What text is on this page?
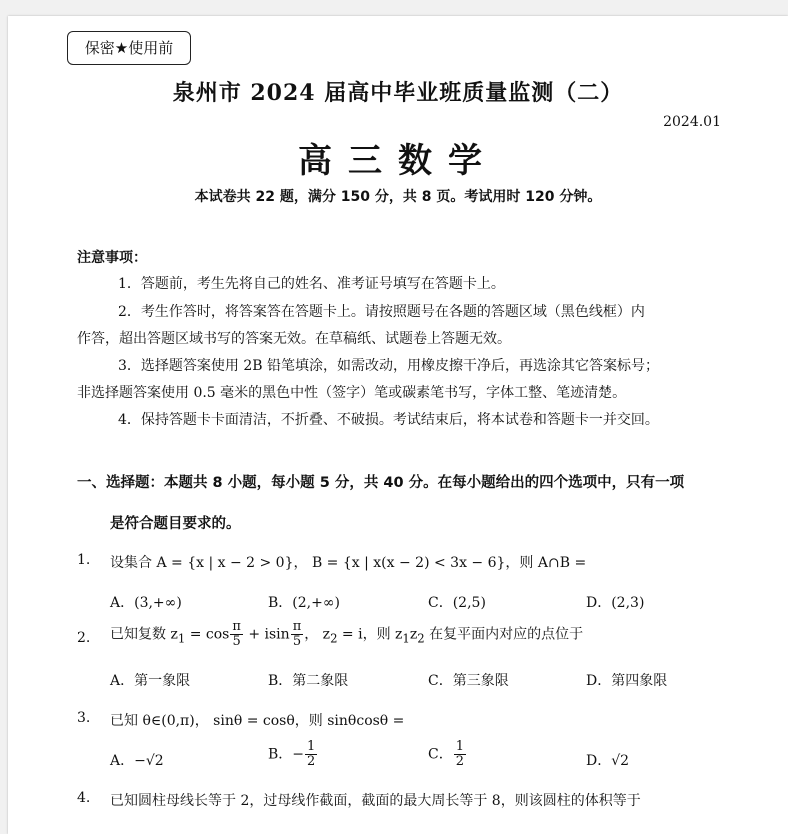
保密★使用前
泉州市 2024 届高中毕业班质量监测（二）
2024.01
高三数学
本试卷共 22 题，满分 150 分，共 8 页。考试用时 120 分钟。
注意事项：
1．答题前，考生先将自己的姓名、准考证号填写在答题卡上。
2．考生作答时，将答案答在答题卡上。请按照题号在各题的答题区域（黑色线框）内
作答，超出答题区域书写的答案无效。在草稿纸、试题卷上答题无效。
3．选择题答案使用 2B 铅笔填涂，如需改动，用橡皮擦干净后，再选涂其它答案标号；
非选择题答案使用 0.5 毫米的黑色中性（签字）笔或碳素笔书写，字体工整、笔迹清楚。
4．保持答题卡卡面清洁，不折叠、不破损。考试结束后，将本试卷和答题卡一并交回。
一、选择题：本题共 8 小题，每小题 5 分，共 40 分。在每小题给出的四个选项中，只有一项
是符合题目要求的。
1. 设集合 A = {x | x − 2 > 0}， B = {x | x(x − 2) < 3x − 6}，则 A∩B =
A．(3,+∞)	B．(2,+∞)	C．(2,5)	D．(2,3)
2. 已知复数 $z_1 = \cos \frac{\pi}{5} + isin \frac{\pi}{5}$ ， $z_2 = i$，则 $z_1z_2$ 在复平面内对应的点位于
A．第一象限	B．第二象限	C．第三象限	D．第四象限
3. 已知 θ∈(0,π)， sinθ = cosθ，则 sinθcosθ =
A．−√2	B．− $\frac{1}{2}$	C． $\frac{1}{2}$	D．√2
4. 已知圆柱母线长等于 2，过母线作截面，截面的最大周长等于 8，则该圆柱的体积等于
